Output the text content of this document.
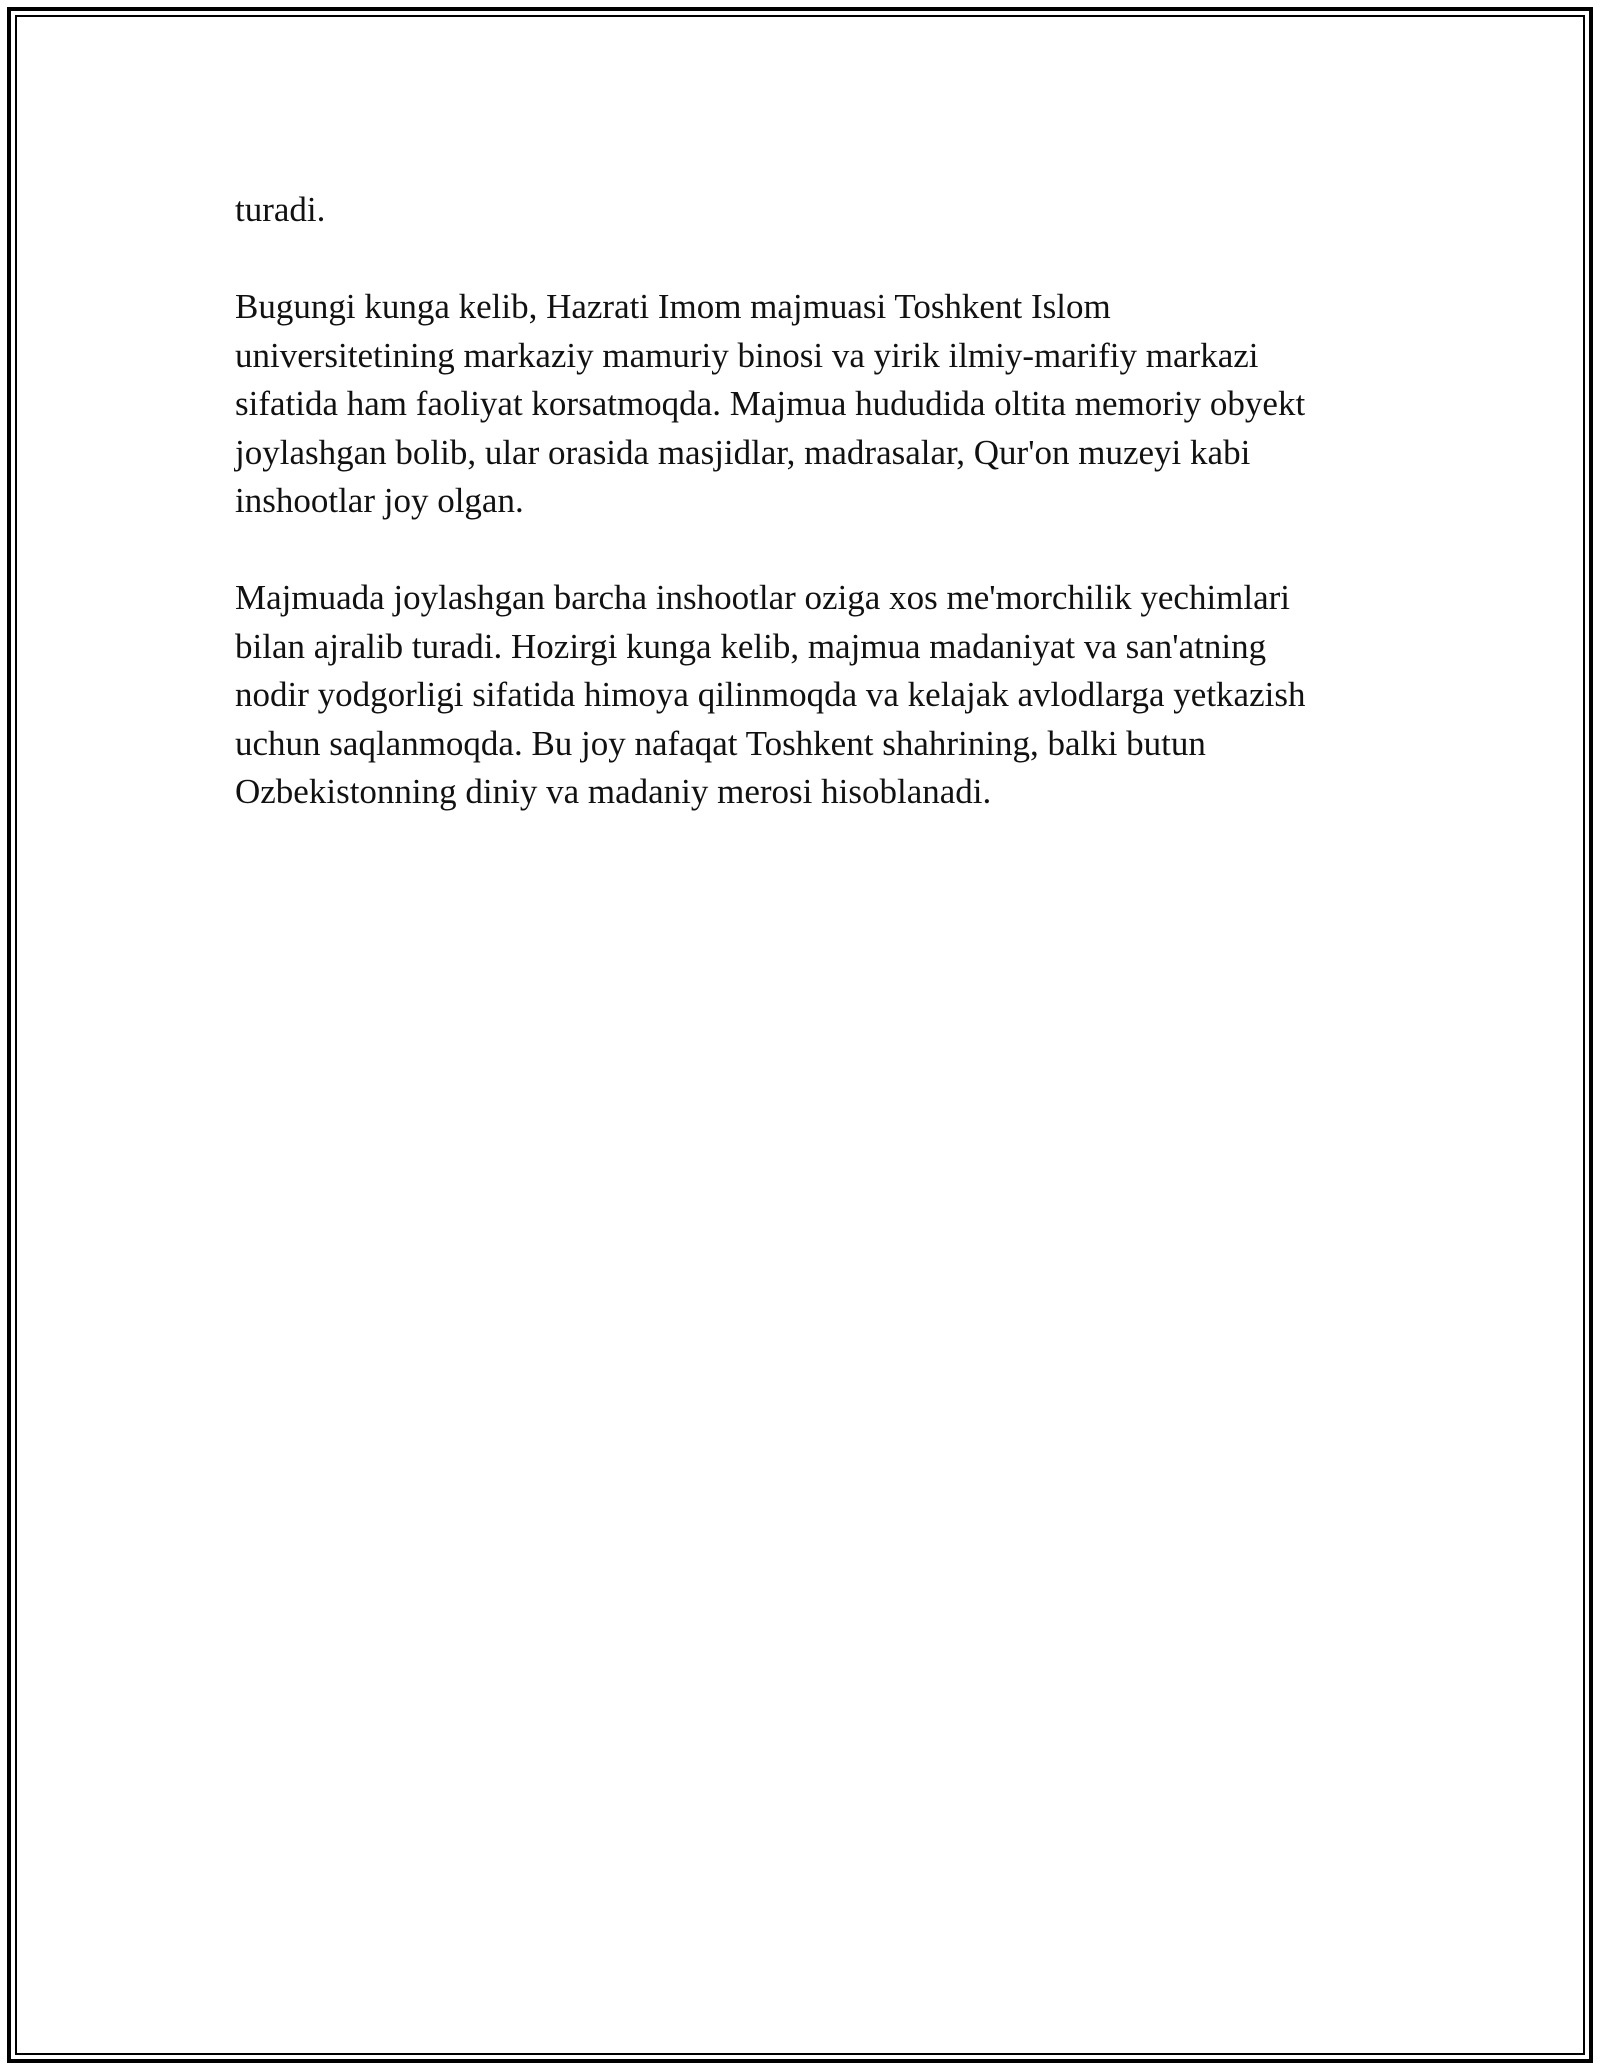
turadi.

Bugungi kunga kelib, Hazrati Imom majmuasi Toshkent Islom
universitetining markaziy mamuriy binosi va yirik ilmiy-marifiy markazi
sifatida ham faoliyat korsatmoqda. Majmua hududida oltita memoriy obyekt
joylashgan bolib, ular orasida masjidlar, madrasalar, Qur'on muzeyi kabi
inshootlar joy olgan.

Majmuada joylashgan barcha inshootlar oziga xos me'morchilik yechimlari
bilan ajralib turadi. Hozirgi kunga kelib, majmua madaniyat va san'atning
nodir yodgorligi sifatida himoya qilinmoqda va kelajak avlodlarga yetkazish
uchun saqlanmoqda. Bu joy nafaqat Toshkent shahrining, balki butun
Ozbekistonning diniy va madaniy merosi hisoblanadi.
